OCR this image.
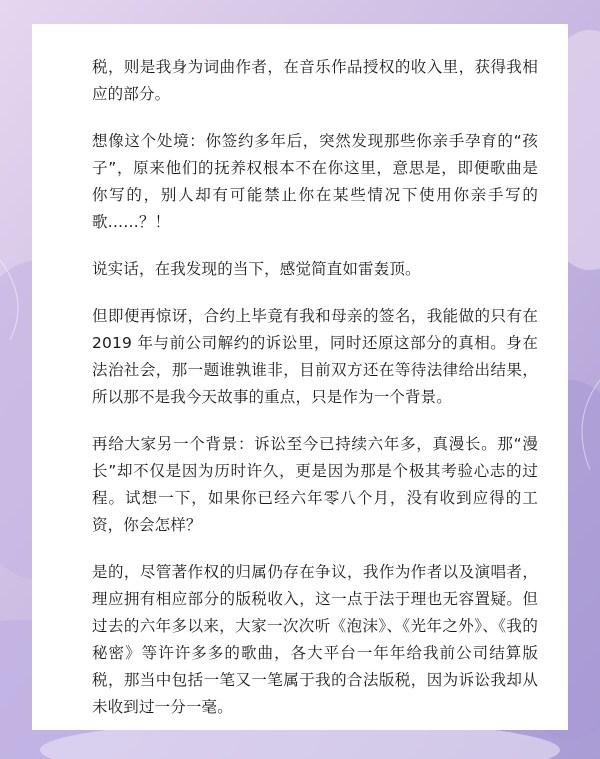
税，则是我身为词曲作者，在音乐作品授权的收入里，获得我相应的部分。

想像这个处境：你签约多年后，突然发现那些你亲手孕育的“孩子”，原来他们的抚养权根本不在你这里，意思是，即便歌曲是你写的，别人却有可能禁止你在某些情况下使用你亲手写的歌……？！

说实话，在我发现的当下，感觉简直如雷轰顶。

但即便再惊讶，合约上毕竟有我和母亲的签名，我能做的只有在 2019 年与前公司解约的诉讼里，同时还原这部分的真相。身在法治社会，那一题谁孰谁非，目前双方还在等待法律给出结果，所以那不是我今天故事的重点，只是作为一个背景。

再给大家另一个背景：诉讼至今已持续六年多，真漫长。那“漫长”却不仅是因为历时许久，更是因为那是个极其考验心志的过程。试想一下，如果你已经六年零八个月，没有收到应得的工资，你会怎样？

是的，尽管著作权的归属仍存在争议，我作为作者以及演唱者，理应拥有相应部分的版税收入，这一点于法于理也无容置疑。但过去的六年多以来，大家一次次听《泡沫》、《光年之外》、《我的秘密》等许许多多的歌曲，各大平台一年年给我前公司结算版税，那当中包括一笔又一笔属于我的合法版税，因为诉讼我却从未收到过一分一毫。
